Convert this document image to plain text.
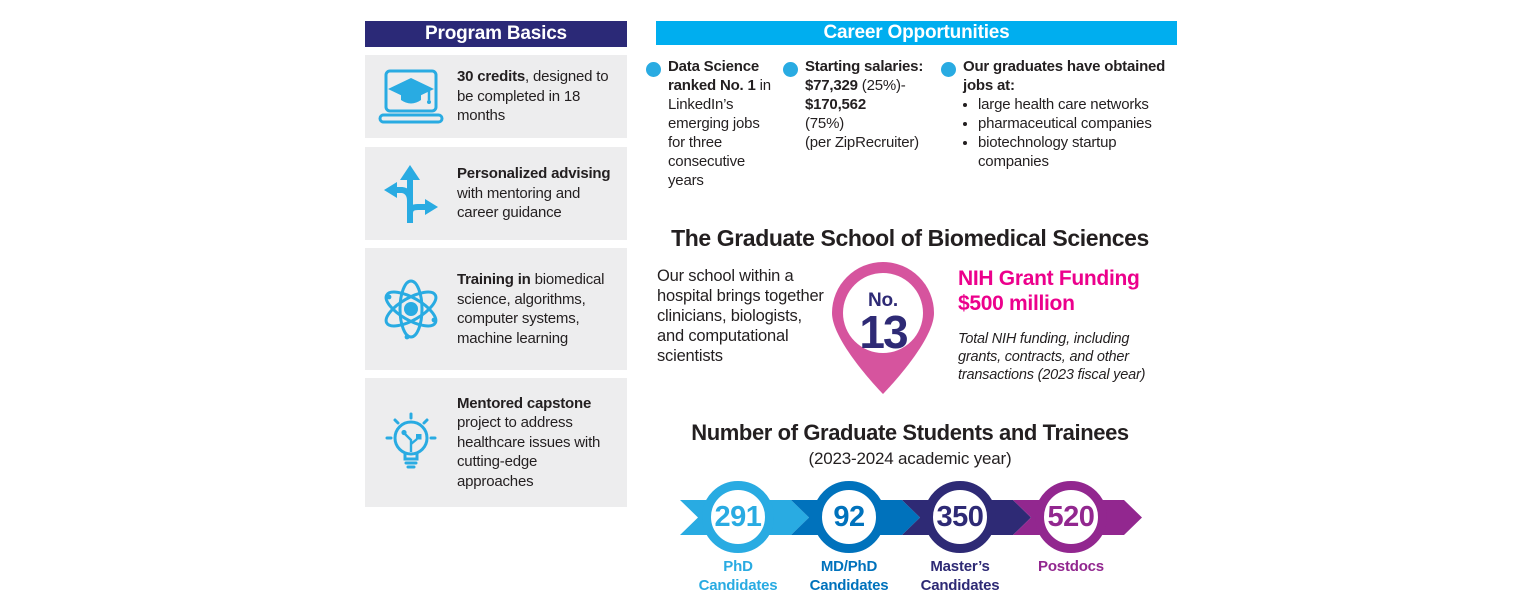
Program Basics
30 credits, designed to be completed in 18 months
Personalized advising with mentoring and career guidance
Training in biomedical science, algorithms, computer systems, machine learning
Mentored capstone project to address healthcare issues with cutting-edge approaches
Career Opportunities
Data Science ranked No. 1 in LinkedIn’s emerging jobs for three consecutive years
Starting salaries:
$77,329 (25%)-
$170,562
(75%)
(per ZipRecruiter)
Our graduates have obtained jobs at:
• large health care networks
• pharmaceutical companies
• biotechnology startup companies
The Graduate School of Biomedical Sciences
Our school within a hospital brings together clinicians, biologists, and computational scientists
No.
13
NIH Grant Funding
$500 million
Total NIH funding, including grants, contracts, and other transactions (2023 fiscal year)
Number of Graduate Students and Trainees
(2023-2024 academic year)
291
PhD Candidates
92
MD/PhD Candidates
350
Master’s Candidates
520
Postdocs
